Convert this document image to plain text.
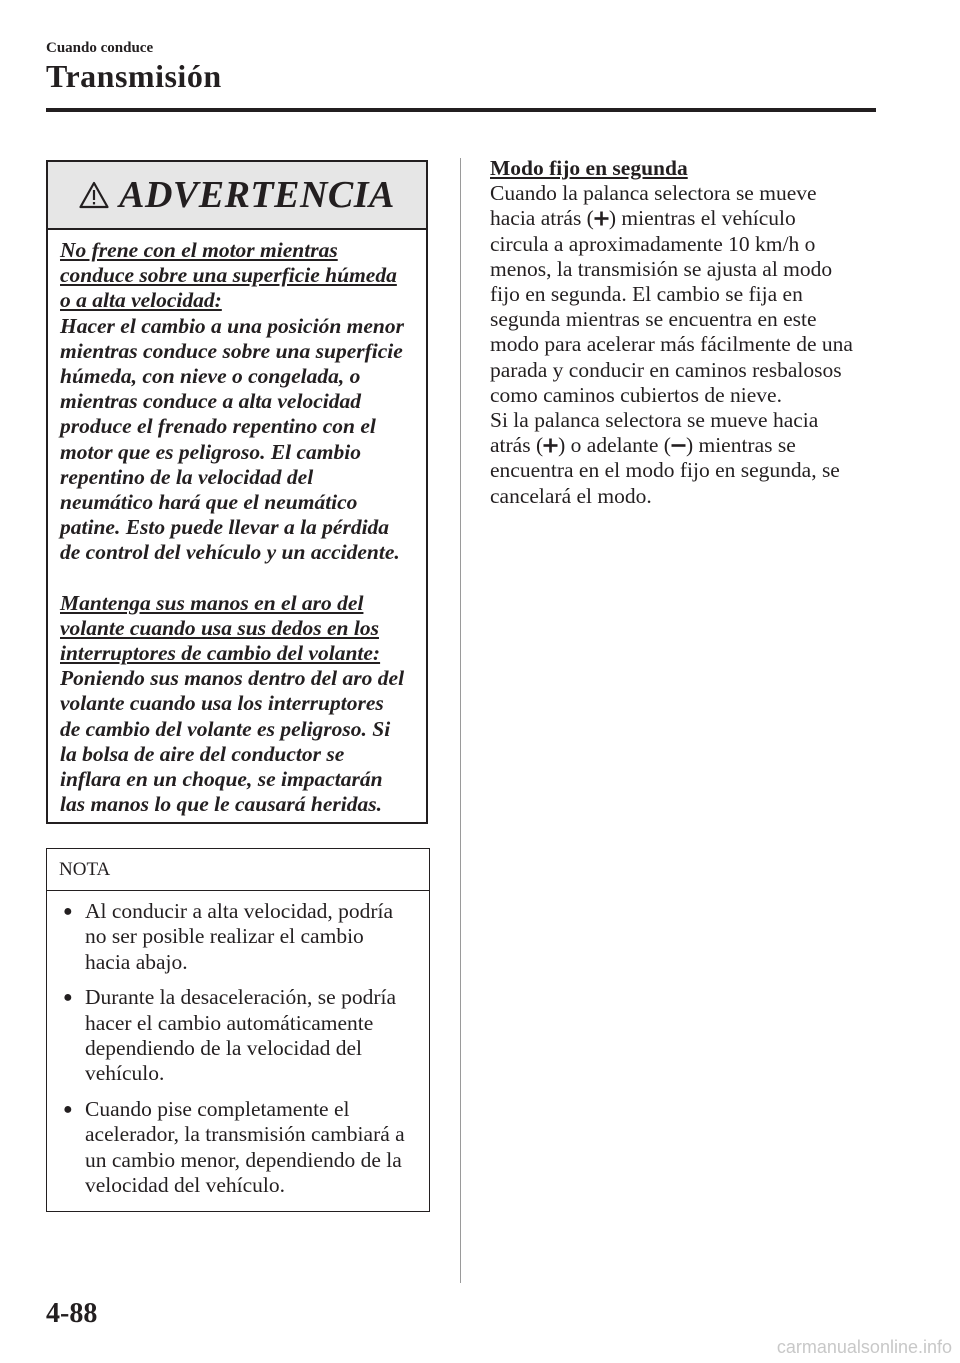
Cuando conduce
Transmisión
ADVERTENCIA

No frene con el motor mientras
conduce sobre una superficie húmeda
o a alta velocidad:

Hacer el cambio a una posición menor
mientras conduce sobre una superficie
húmeda, con nieve o congelada, o
mientras conduce a alta velocidad
produce el frenado repentino con el
motor que es peligroso. El cambio
repentino de la velocidad del
neumático hará que el neumático
patine. Esto puede llevar a la pérdida
de control del vehículo y un accidente.

Mantenga sus manos en el aro del
volante cuando usa sus dedos en los
interruptores de cambio del volante:

Poniendo sus manos dentro del aro del
volante cuando usa los interruptores
de cambio del volante es peligroso. Si
la bolsa de aire del conductor se
inflara en un choque, se impactarán
las manos lo que le causará heridas.

NOTA
● Al conducir a alta velocidad, podría
no ser posible realizar el cambio
hacia abajo.
● Durante la desaceleración, se podría
hacer el cambio automáticamente
dependiendo de la velocidad del
vehículo.
● Cuando pise completamente el
acelerador, la transmisión cambiará a
un cambio menor, dependiendo de la
velocidad del vehículo.

Modo fijo en segunda

Cuando la palanca selectora se mueve
hacia atrás ( ) mientras el vehículo
circula a aproximadamente 10 km/h o
menos, la transmisión se ajusta al modo
fijo en segunda. El cambio se fija en
segunda mientras se encuentra en este
modo para acelerar más fácilmente de una
parada y conducir en caminos resbalosos
como caminos cubiertos de nieve.

Si la palanca selectora se mueve hacia
atrás ( ) o adelante ( ) mientras se
encuentra en el modo fijo en segunda, se
cancelará el modo.

4-88
carmanualsonline.info
